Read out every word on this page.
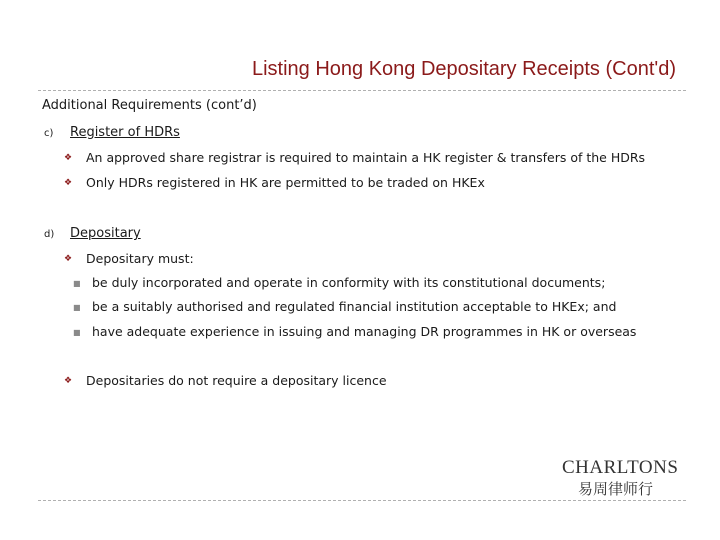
Listing Hong Kong Depositary Receipts (Cont'd)
Additional Requirements (cont’d)
c) Register of HDRs
❖ An approved share registrar is required to maintain a HK register & transfers of the HDRs
❖ Only HDRs registered in HK are permitted to be traded on HKEx
d) Depositary
❖ Depositary must:
■ be duly incorporated and operate in conformity with its constitutional documents;
■ be a suitably authorised and regulated financial institution acceptable to HKEx; and
■ have adequate experience in issuing and managing DR programmes in HK or overseas
❖ Depositaries do not require a depositary licence
CHARLTONS
易周律师行
